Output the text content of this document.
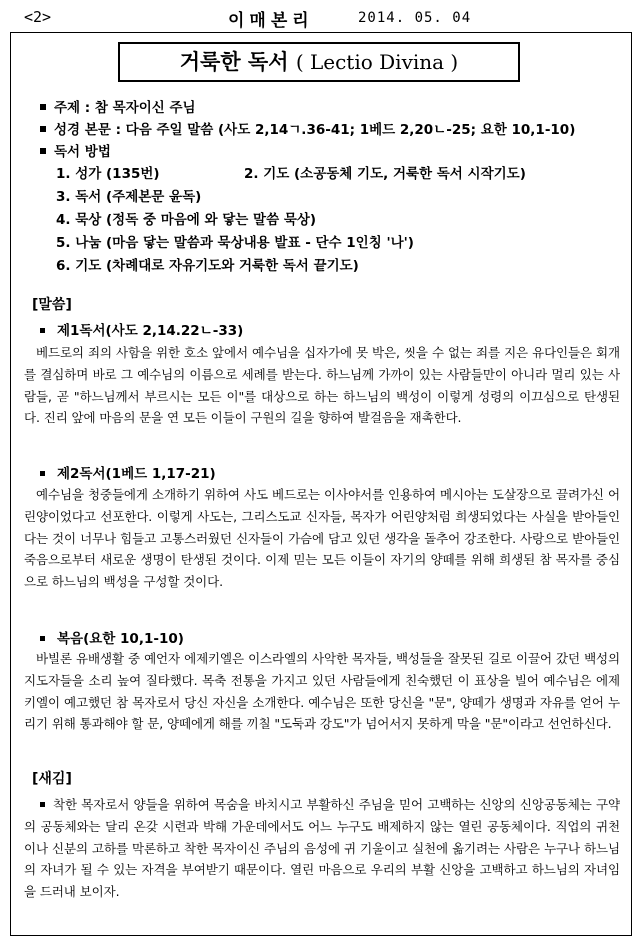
<2>	이매본리	2014. 05. 04
거룩한 독서 ( Lectio Divina )
주제 : 참 목자이신 주님
성경 본문 : 다음 주일 말씀 (사도 2,14ㄱ.36-41; 1베드 2,20ㄴ-25; 요한 10,1-10)
독서 방법
1. 성가 (135번)	2. 기도 (소공동체 기도, 거룩한 독서 시작기도)
3. 독서 (주제본문 윤독)
4. 묵상 (정독 중 마음에 와 닿는 말씀 묵상)
5. 나눔 (마음 닿는 말씀과 묵상내용 발표 - 단수 1인칭 '나')
6. 기도 (차례대로 자유기도와 거룩한 독서 끝기도)
[말씀]
제1독서(사도 2,14.22ㄴ-33)
베드로의 죄의 사함을 위한 호소 앞에서 예수님을 십자가에 못 박은, 씻을 수 없는 죄를 지은 유다인들은 회개를 결심하며 바로 그 예수님의 이름으로 세례를 받는다. 하느님께 가까이 있는 사람들만이 아니라 멀리 있는 사람들, 곧 "하느님께서 부르시는 모든 이"를 대상으로 하는 하느님의 백성이 이렇게 성령의 이끄심으로 탄생된다. 진리 앞에 마음의 문을 연 모든 이들이 구원의 길을 향하여 발걸음을 재촉한다.
제2독서(1베드 1,17-21)
예수님을 청중들에게 소개하기 위하여 사도 베드로는 이사야서를 인용하여 메시아는 도살장으로 끌려가신 어린양이었다고 선포한다. 이렇게 사도는, 그리스도교 신자들, 목자가 어린양처럼 희생되었다는 사실을 받아들인다는 것이 너무나 힘들고 고통스러웠던 신자들이 가슴에 담고 있던 생각을 돌추어 강조한다. 사랑으로 받아들인 죽음으로부터 새로운 생명이 탄생된 것이다. 이제 믿는 모든 이들이 자기의 양떼를 위해 희생된 참 목자를 중심으로 하느님의 백성을 구성할 것이다.
복음(요한 10,1-10)
바빌론 유배생활 중 예언자 에제키엘은 이스라엘의 사악한 목자들, 백성들을 잘못된 길로 이끌어 갔던 백성의 지도자들을 소리 높여 질타했다. 목축 전통을 가지고 있던 사람들에게 친숙했던 이 표상을 빌어 예수님은 에제키엘이 예고했던 참 목자로서 당신 자신을 소개한다. 예수님은 또한 당신을 "문", 양떼가 생명과 자유를 얻어 누리기 위해 통과해야 할 문, 양떼에게 해를 끼칠 "도둑과 강도"가 넘어서지 못하게 막을 "문"이라고 선언하신다.
[새김]
착한 목자로서 양들을 위하여 목숨을 바치시고 부활하신 주님을 믿어 고백하는 신앙의 신앙공동체는 구약의 공동체와는 달리 온갖 시련과 박해 가운데에서도 어느 누구도 배제하지 않는 열린 공동체이다. 직업의 귀천이나 신분의 고하를 막론하고 착한 목자이신 주님의 음성에 귀 기울이고 실천에 옮기려는 사람은 누구나 하느님의 자녀가 될 수 있는 자격을 부여받기 때문이다. 열린 마음으로 우리의 부활 신앙을 고백하고 하느님의 자녀임을 드러내 보이자.
